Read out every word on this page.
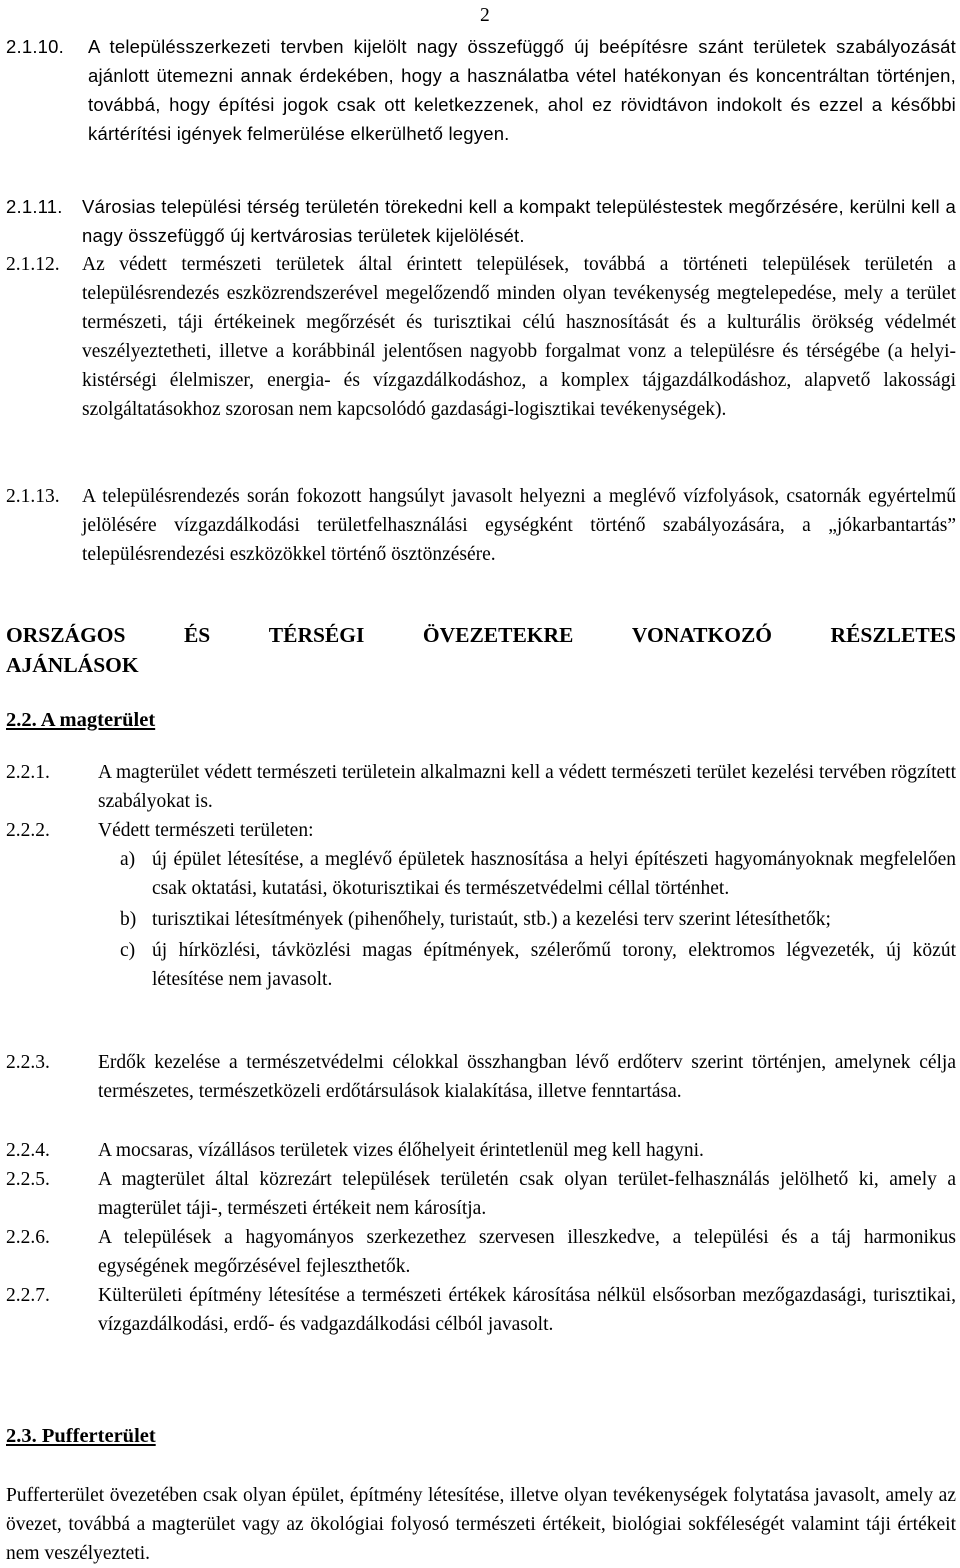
2
2.1.10.	A településszerkezeti tervben kijelölt nagy összefüggő új beépítésre szánt területek szabályozását ajánlott ütemezni annak érdekében, hogy a használatba vétel hatékonyan és koncentráltan történjen, továbbá, hogy építési jogok csak ott keletkezzenek, ahol ez rövidtávon indokolt és ezzel a későbbi kártérítési igények felmerülése elkerülhető legyen.
2.1.11.	Városias települési térség területén törekedni kell a kompakt településtestek megőrzésére, kerülni kell a nagy összefüggő új kertvárosias területek kijelölését.
2.1.12.	Az védett természeti területek által érintett települések, továbbá a történeti települések területén a településrendezés eszközrendszerével megelőzendő minden olyan tevékenység megtelepedése, mely a terület természeti, táji értékeinek megőrzését és turisztikai célú hasznosítását és a kulturális örökség védelmét veszélyeztetheti, illetve a korábbinál jelentősen nagyobb forgalmat vonz a településre és térségébe (a helyi-kistérségi élelmiszer, energia- és vízgazdálkodáshoz, a komplex tájgazdálkodáshoz, alapvető lakossági szolgáltatásokhoz szorosan nem kapcsolódó gazdasági-logisztikai tevékenységek).
2.1.13.	A településrendezés során fokozott hangsúlyt javasolt helyezni a meglévő vízfolyások, csatornák egyértelmű jelölésére vízgazdálkodási területfelhasználási egységként történő szabályozására, a „jókarbantartás” településrendezési eszközökkel történő ösztönzésére.
ORSZÁGOS	ÉS	TÉRSÉGI	ÖVEZETEKRE	VONATKOZÓ	RÉSZLETES
AJÁNLÁSOK
2.2. A magterület
2.2.1.	A magterület védett természeti területein alkalmazni kell a védett természeti terület kezelési tervében rögzített szabályokat is.
2.2.2.	Védett természeti területen:
a) új épület létesítése, a meglévő épületek hasznosítása a helyi építészeti hagyományoknak megfelelően csak oktatási, kutatási, ökoturisztikai és természetvédelmi céllal történhet.
b) turisztikai létesítmények (pihenőhely, turistaút, stb.) a kezelési terv szerint létesíthetők;
c) új hírközlési, távközlési magas építmények, szélerőmű torony, elektromos légvezeték, új közút létesítése nem javasolt.
2.2.3.	Erdők kezelése a természetvédelmi célokkal összhangban lévő erdőterv szerint történjen, amelynek célja természetes, természetközeli erdőtársulások kialakítása, illetve fenntartása.
2.2.4.	A mocsaras, vízállásos területek vizes élőhelyeit érintetlenül meg kell hagyni.
2.2.5.	A magterület által közrezárt települések területén csak olyan terület-felhasználás jelölhető ki, amely a magterület táji-, természeti értékeit nem károsítja.
2.2.6.	A települések a hagyományos szerkezethez szervesen illeszkedve, a települési és a táj harmonikus egységének megőrzésével fejleszthetők.
2.2.7.	Külterületi építmény létesítése a természeti értékek károsítása nélkül elsősorban mezőgazdasági, turisztikai, vízgazdálkodási, erdő- és vadgazdálkodási célból javasolt.
2.3. Pufferterület
Pufferterület övezetében csak olyan épület, építmény létesítése, illetve olyan tevékenységek folytatása javasolt, amely az övezet, továbbá a magterület vagy az ökológiai folyosó természeti értékeit, biológiai sokféleségét valamint táji értékeit nem veszélyezteti.
